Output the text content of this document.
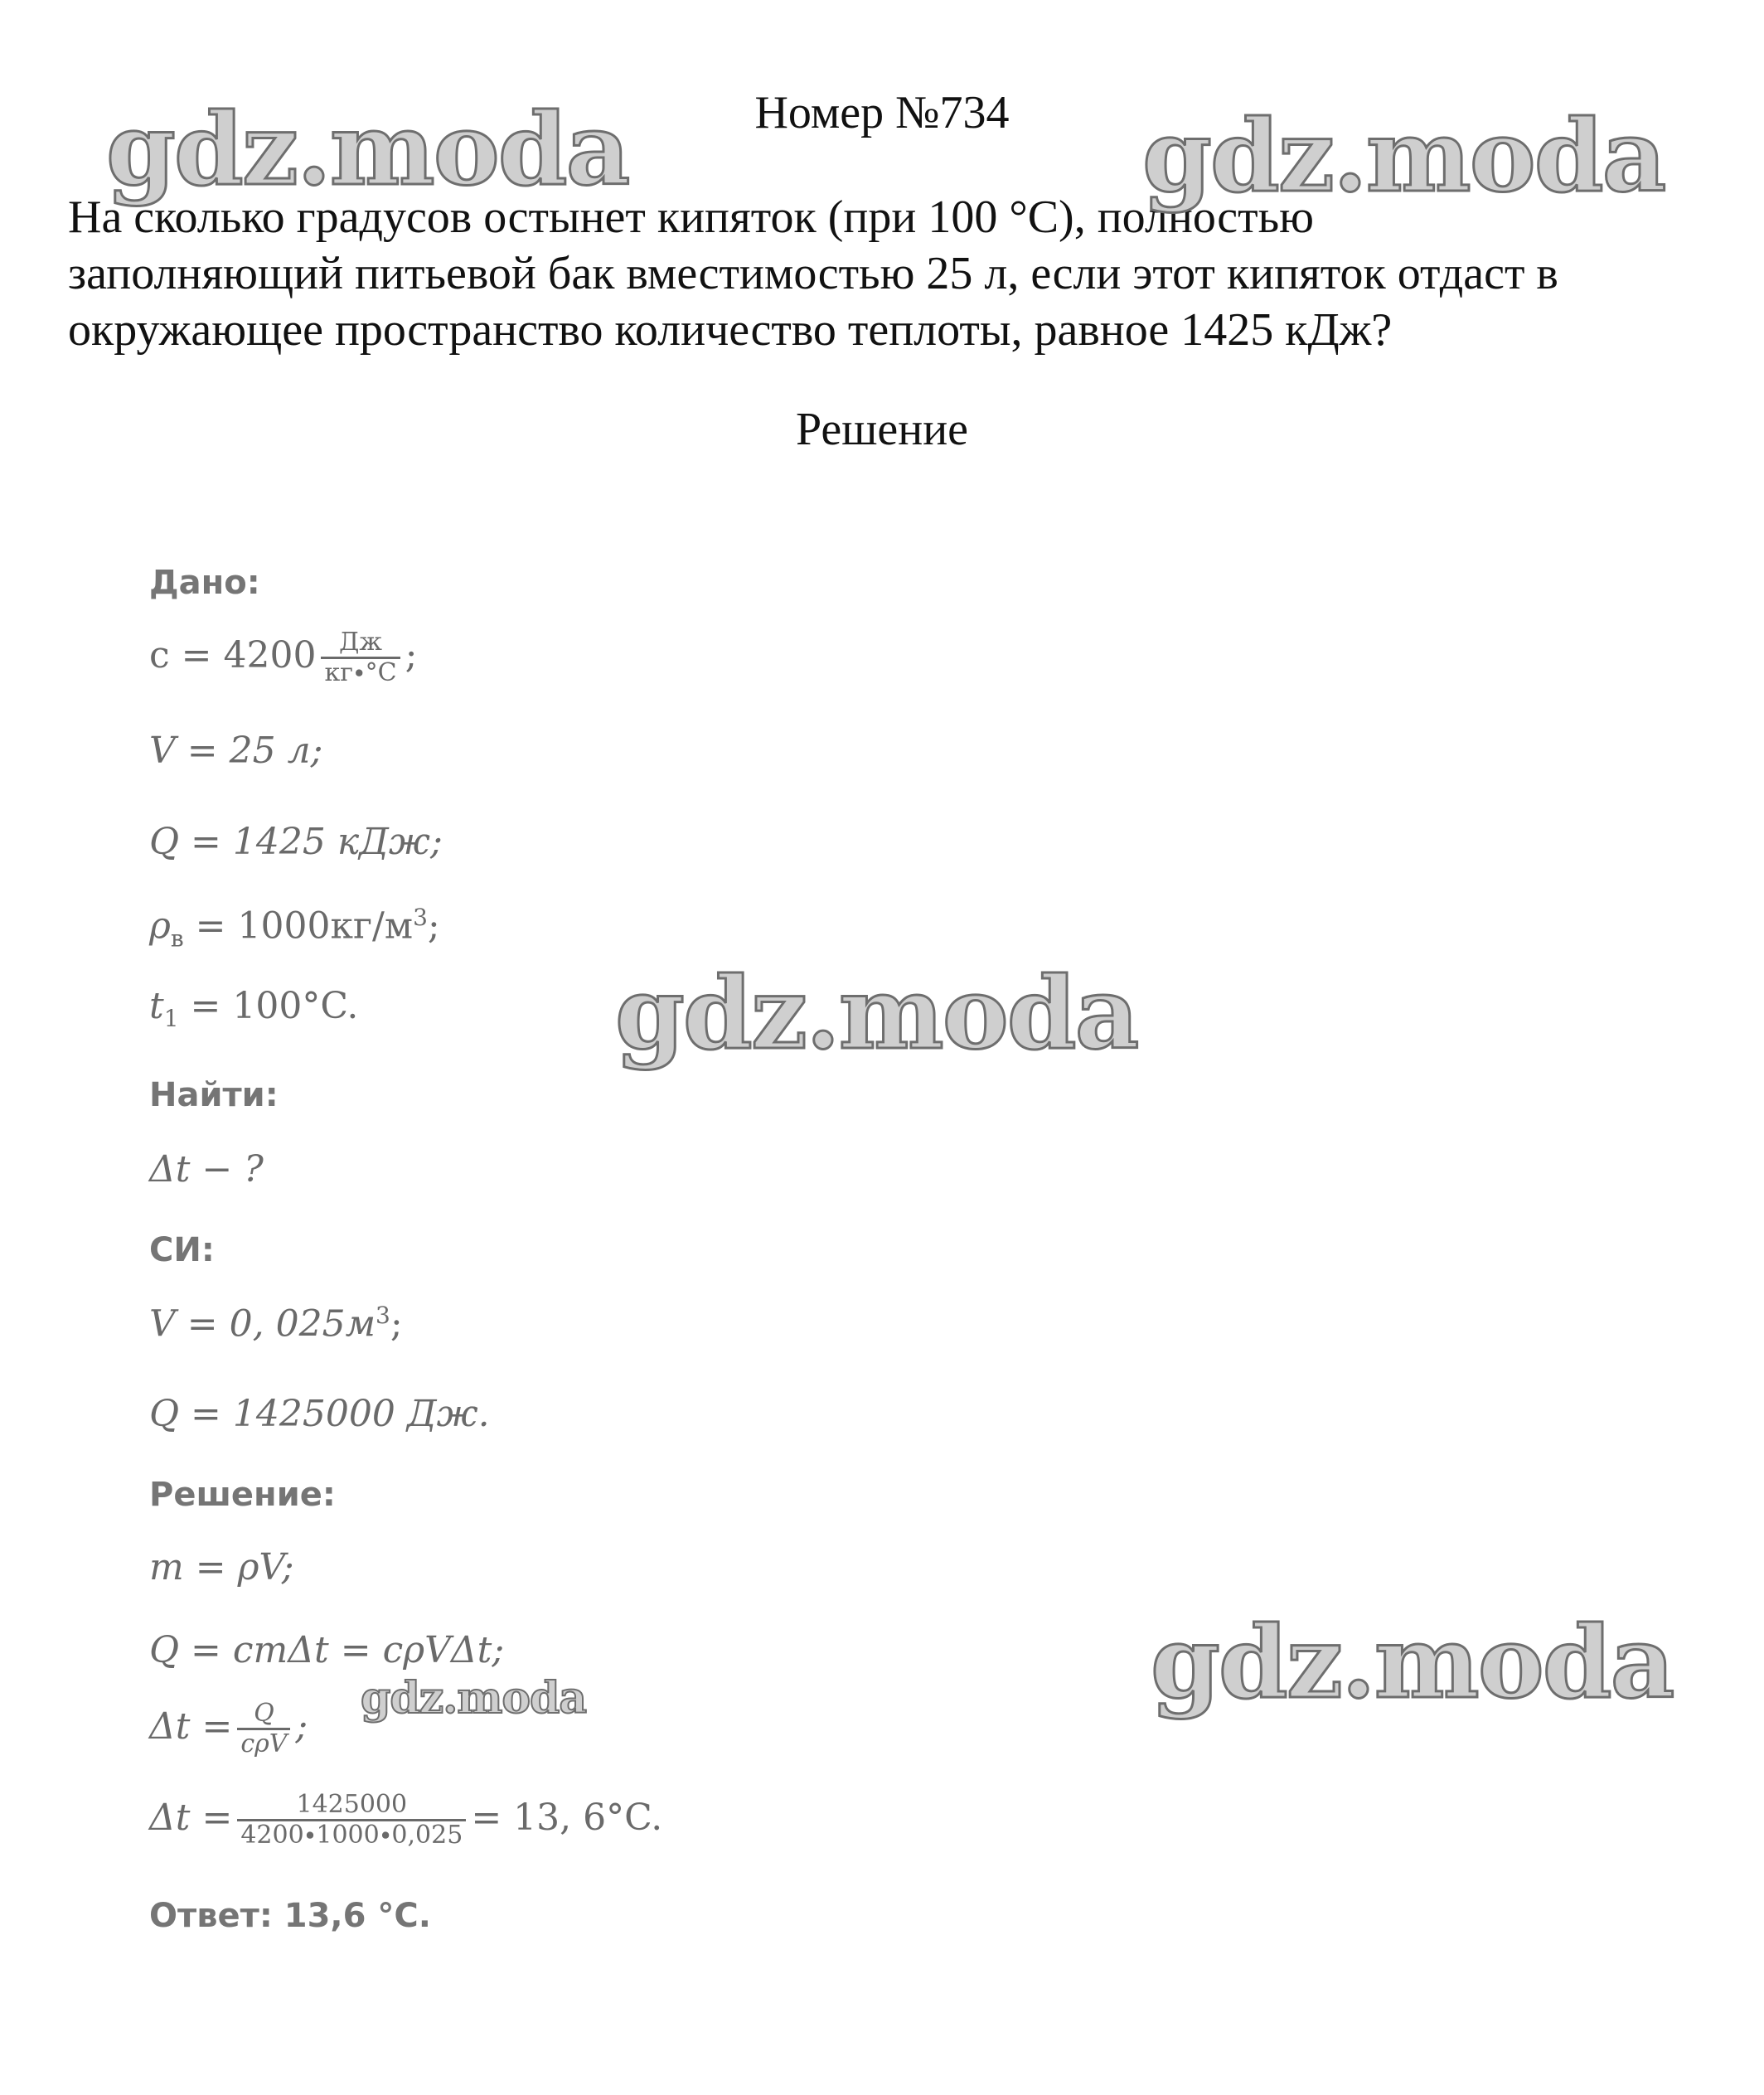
Номер №734
На сколько градусов остынет кипяток (при 100 °C), полностью
заполняющий питьевой бак вместимостью 25 л, если этот кипяток отдаст в
окружающее пространство количество теплоты, равное 1425 кДж?
Решение
Дано:
$c = 4200 \frac{Дж}{кг\cdot^\circ C}$ ;
V = 25 л;
Q = 1425 кДж;
$\rho_в = 1000кг/м^3$;
$t_1 = 100^\circ C$.
Найти:
Δt − ?
СИ:
V = 0, $025м^3$;
Q = 1425000 Дж.
Решение:
m = ρV;
Q = cmΔt = cρVΔt;
$\Delta t = \frac{Q}{\text{cρV}}$ ;
$\Delta t = \frac{1425000}{4200\cdot 1000\cdot 0,025} = 13$, 6°C.
Ответ: 13,6 °C.
gdz.moda	gdz.moda
gdz.moda
gdz.moda
gdz.moda
